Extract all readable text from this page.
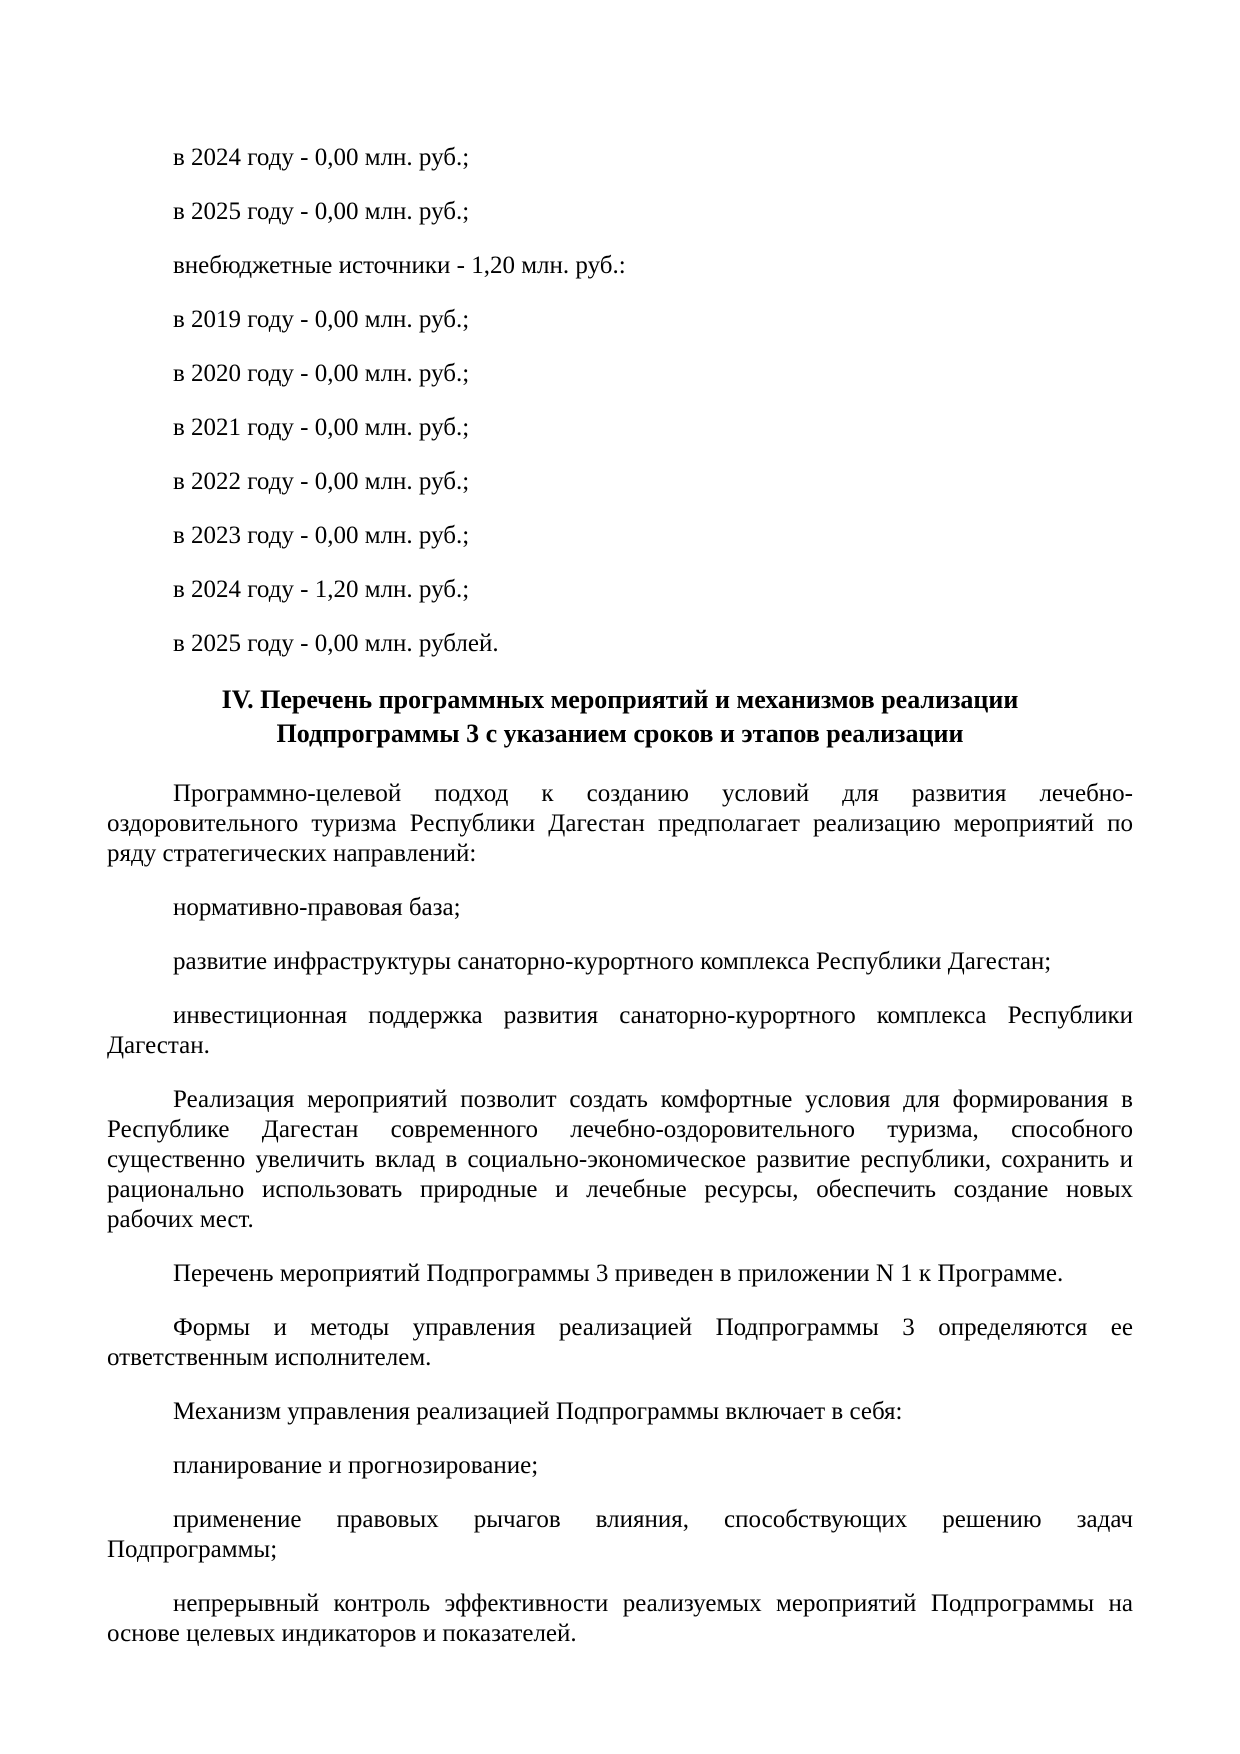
в 2024 году - 0,00 млн. руб.;

в 2025 году - 0,00 млн. руб.;

внебюджетные источники - 1,20 млн. руб.:

в 2019 году - 0,00 млн. руб.;

в 2020 году - 0,00 млн. руб.;

в 2021 году - 0,00 млн. руб.;

в 2022 году - 0,00 млн. руб.;

в 2023 году - 0,00 млн. руб.;

в 2024 году - 1,20 млн. руб.;

в 2025 году - 0,00 млн. рублей.

IV. Перечень программных мероприятий и механизмов реализации
Подпрограммы 3 с указанием сроков и этапов реализации

Программно-целевой подход к созданию условий для развития лечебно-оздоровительного туризма Республики Дагестан предполагает реализацию мероприятий по ряду стратегических направлений:

нормативно-правовая база;

развитие инфраструктуры санаторно-курортного комплекса Республики Дагестан;

инвестиционная поддержка развития санаторно-курортного комплекса Республики Дагестан.

Реализация мероприятий позволит создать комфортные условия для формирования в Республике Дагестан современного лечебно-оздоровительного туризма, способного существенно увеличить вклад в социально-экономическое развитие республики, сохранить и рационально использовать природные и лечебные ресурсы, обеспечить создание новых рабочих мест.

Перечень мероприятий Подпрограммы 3 приведен в приложении N 1 к Программе.

Формы и методы управления реализацией Подпрограммы 3 определяются ее ответственным исполнителем.

Механизм управления реализацией Подпрограммы включает в себя:

планирование и прогнозирование;

применение правовых рычагов влияния, способствующих решению задач Подпрограммы;

непрерывный контроль эффективности реализуемых мероприятий Подпрограммы на основе целевых индикаторов и показателей.
